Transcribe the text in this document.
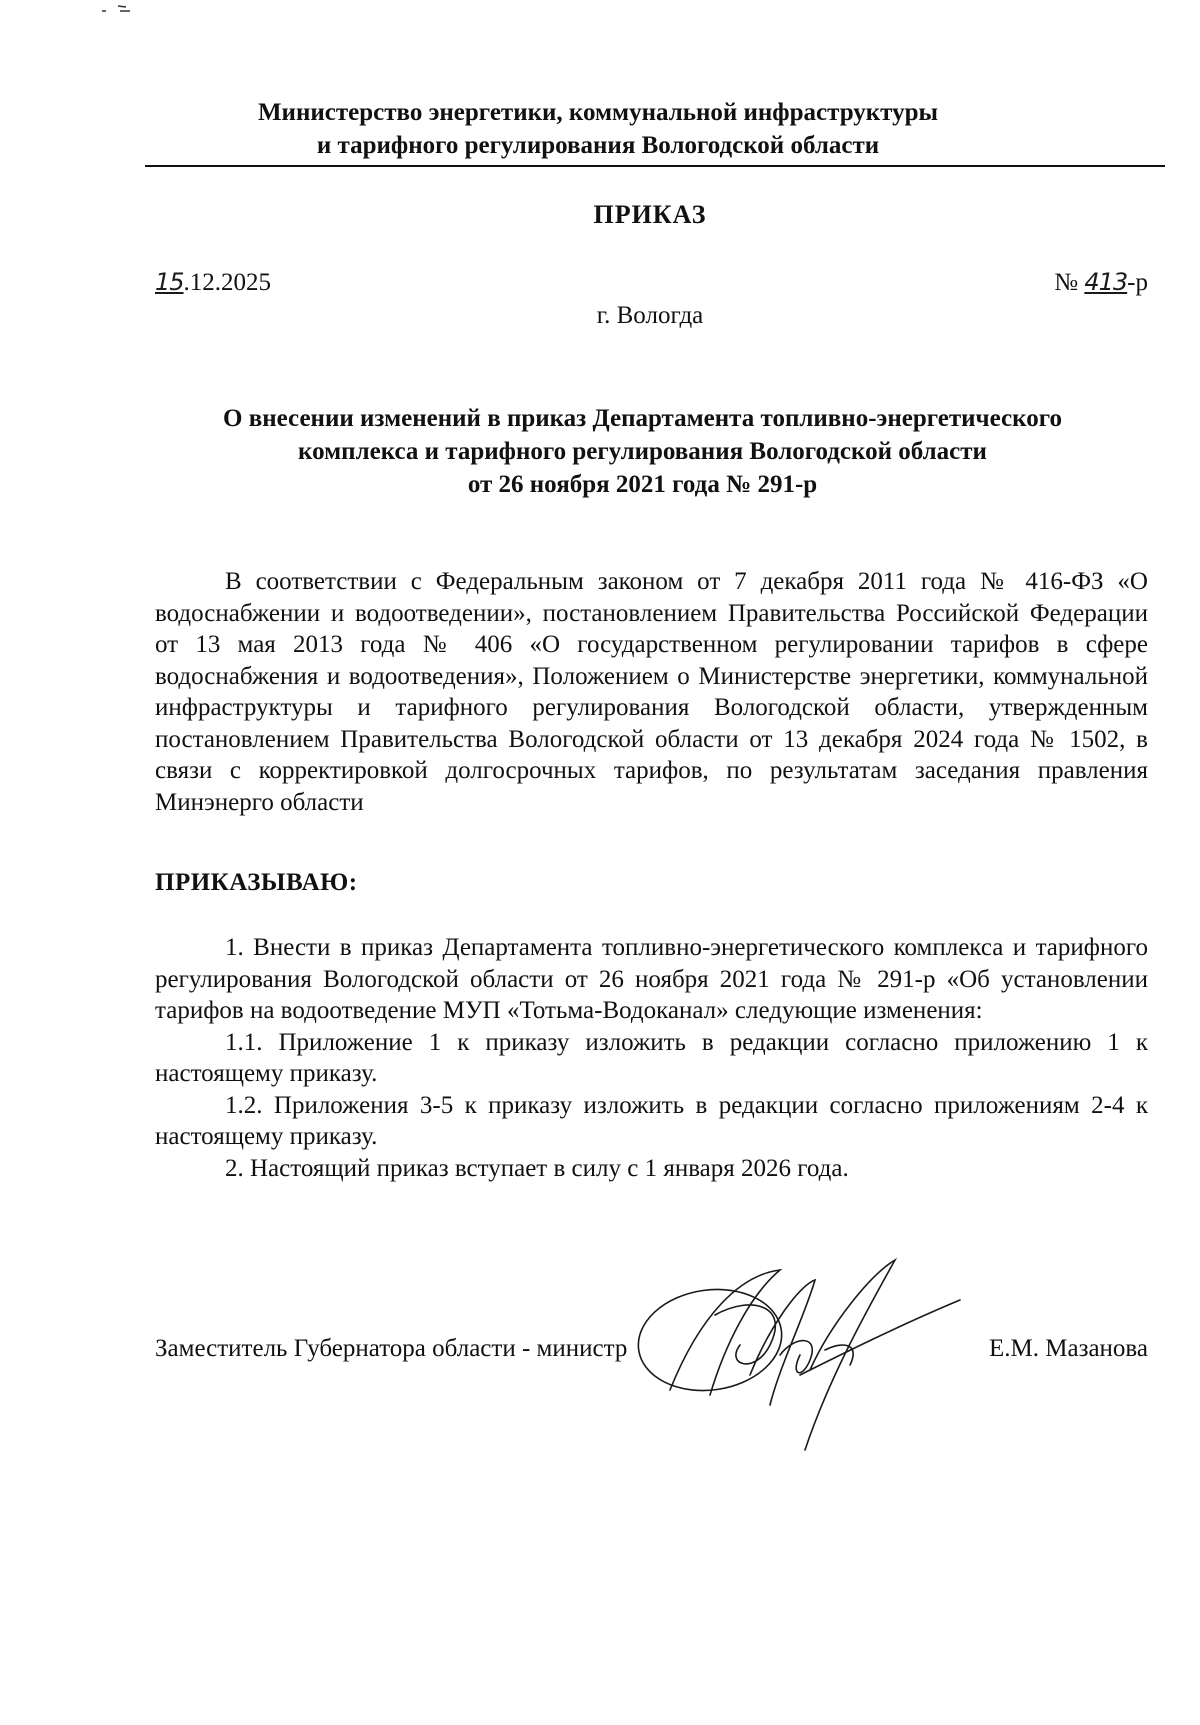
Министерство энергетики, коммунальной инфраструктуры
и тарифного регулирования Вологодской области
ПРИКАЗ
15.12.2025	№ 413-р
г. Вологда
О внесении изменений в приказ Департамента топливно-энергетического
комплекса и тарифного регулирования Вологодской области
от 26 ноября 2021 года № 291-р
В соответствии с Федеральным законом от 7 декабря 2011 года № 416-ФЗ «О водоснабжении и водоотведении», постановлением Правительства Российской Федерации от 13 мая 2013 года № 406 «О государственном регулировании тарифов в сфере водоснабжения и водоотведения», Положением о Министерстве энергетики, коммунальной инфраструктуры и тарифного регулирования Вологодской области, утвержденным постановлением Правительства Вологодской области от 13 декабря 2024 года № 1502, в связи с корректировкой долгосрочных тарифов, по результатам заседания правления Минэнерго области
ПРИКАЗЫВАЮ:

1. Внести в приказ Департамента топливно-энергетического комплекса и тарифного регулирования Вологодской области от 26 ноября 2021 года № 291-р «Об установлении тарифов на водоотведение МУП «Тотьма-Водоканал» следующие изменения:

1.1. Приложение 1 к приказу изложить в редакции согласно приложению 1 к настоящему приказу.

1.2. Приложения 3-5 к приказу изложить в редакции согласно приложениям 2-4 к настоящему приказу.

2. Настоящий приказ вступает в силу с 1 января 2026 года.

Заместитель Губернатора области - министр	Е.М. Мазанова
